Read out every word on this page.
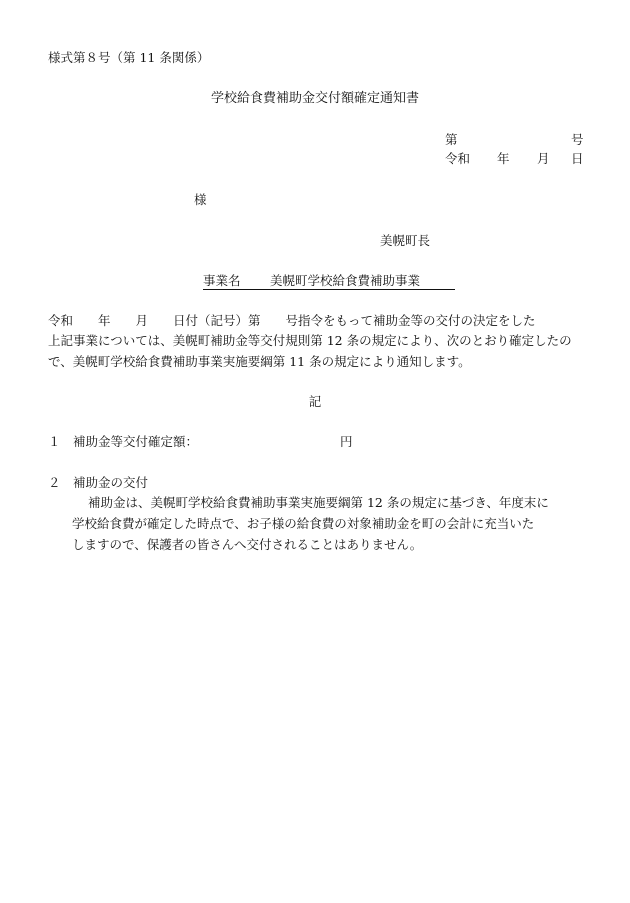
様式第８号（第 11 条関係）
学校給食費補助金交付額確定通知書
第	号
令和 年 月 日
様
美幌町長

事業名

美幌町学校給食費補助事業

令和　　年　　月　　日付（記号）第　　号指令をもって補助金等の交付の決定をした
上記事業については、美幌町補助金等交付規則第 12 条の規定により、次のとおり確定したの
で、美幌町学校給食費補助事業実施要綱第 11 条の規定により通知します。
記
１　補助金等交付確定額：	円
２　補助金の交付
補助金は、美幌町学校給食費補助事業実施要綱第 12 条の規定に基づき、年度末に
学校給食費が確定した時点で、お子様の給食費の対象補助金を町の会計に充当いた
しますので、保護者の皆さんへ交付されることはありません。
